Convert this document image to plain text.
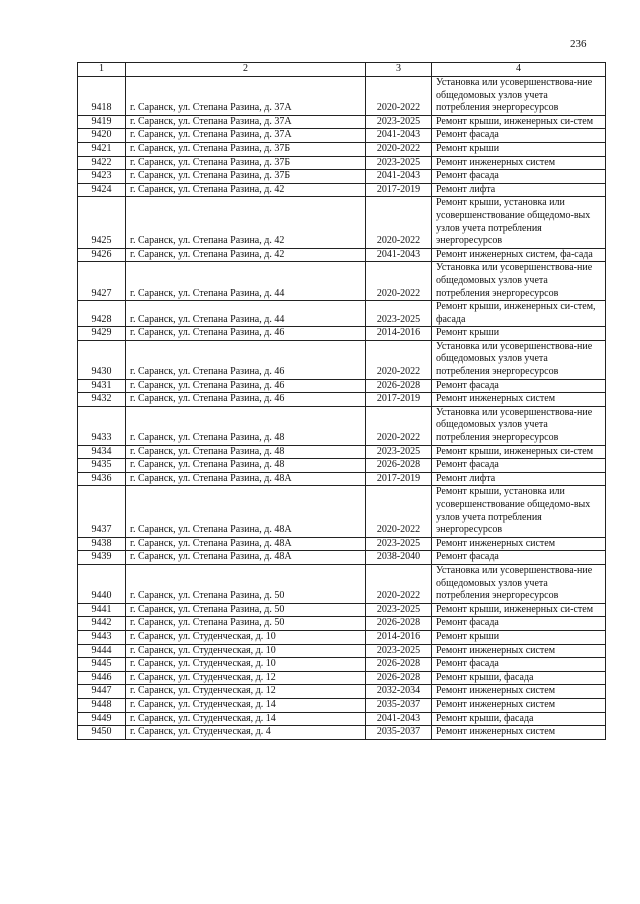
236
1	2	3	4
9418	г. Саранск, ул. Степана Разина, д. 37А	2020-2022	Установка или усовершенствова-ние общедомовых узлов учета потребления энергоресурсов
9419	г. Саранск, ул. Степана Разина, д. 37А	2023-2025	Ремонт крыши, инженерных си-стем
9420	г. Саранск, ул. Степана Разина, д. 37А	2041-2043	Ремонт фасада
9421	г. Саранск, ул. Степана Разина, д. 37Б	2020-2022	Ремонт крыши
9422	г. Саранск, ул. Степана Разина, д. 37Б	2023-2025	Ремонт инженерных систем
9423	г. Саранск, ул. Степана Разина, д. 37Б	2041-2043	Ремонт фасада
9424	г. Саранск, ул. Степана Разина, д. 42	2017-2019	Ремонт лифта
9425	г. Саранск, ул. Степана Разина, д. 42	2020-2022	Ремонт крыши, установка или усовершенствование общедомо-вых узлов учета потребления энергоресурсов
9426	г. Саранск, ул. Степана Разина, д. 42	2041-2043	Ремонт инженерных систем, фа-сада
9427	г. Саранск, ул. Степана Разина, д. 44	2020-2022	Установка или усовершенствова-ние общедомовых узлов учета потребления энергоресурсов
9428	г. Саранск, ул. Степана Разина, д. 44	2023-2025	Ремонт крыши, инженерных си-стем, фасада
9429	г. Саранск, ул. Степана Разина, д. 46	2014-2016	Ремонт крыши
9430	г. Саранск, ул. Степана Разина, д. 46	2020-2022	Установка или усовершенствова-ние общедомовых узлов учета потребления энергоресурсов
9431	г. Саранск, ул. Степана Разина, д. 46	2026-2028	Ремонт фасада
9432	г. Саранск, ул. Степана Разина, д. 46	2017-2019	Ремонт инженерных систем
9433	г. Саранск, ул. Степана Разина, д. 48	2020-2022	Установка или усовершенствова-ние общедомовых узлов учета потребления энергоресурсов
9434	г. Саранск, ул. Степана Разина, д. 48	2023-2025	Ремонт крыши, инженерных си-стем
9435	г. Саранск, ул. Степана Разина, д. 48	2026-2028	Ремонт фасада
9436	г. Саранск, ул. Степана Разина, д. 48А	2017-2019	Ремонт лифта
9437	г. Саранск, ул. Степана Разина, д. 48А	2020-2022	Ремонт крыши, установка или усовершенствование общедомо-вых узлов учета потребления энергоресурсов
9438	г. Саранск, ул. Степана Разина, д. 48А	2023-2025	Ремонт инженерных систем
9439	г. Саранск, ул. Степана Разина, д. 48А	2038-2040	Ремонт фасада
9440	г. Саранск, ул. Степана Разина, д. 50	2020-2022	Установка или усовершенствова-ние общедомовых узлов учета потребления энергоресурсов
9441	г. Саранск, ул. Степана Разина, д. 50	2023-2025	Ремонт крыши, инженерных си-стем
9442	г. Саранск, ул. Степана Разина, д. 50	2026-2028	Ремонт фасада
9443	г. Саранск, ул. Студенческая, д. 10	2014-2016	Ремонт крыши
9444	г. Саранск, ул. Студенческая, д. 10	2023-2025	Ремонт инженерных систем
9445	г. Саранск, ул. Студенческая, д. 10	2026-2028	Ремонт фасада
9446	г. Саранск, ул. Студенческая, д. 12	2026-2028	Ремонт крыши, фасада
9447	г. Саранск, ул. Студенческая, д. 12	2032-2034	Ремонт инженерных систем
9448	г. Саранск, ул. Студенческая, д. 14	2035-2037	Ремонт инженерных систем
9449	г. Саранск, ул. Студенческая, д. 14	2041-2043	Ремонт крыши, фасада
9450	г. Саранск, ул. Студенческая, д. 4	2035-2037	Ремонт инженерных систем
